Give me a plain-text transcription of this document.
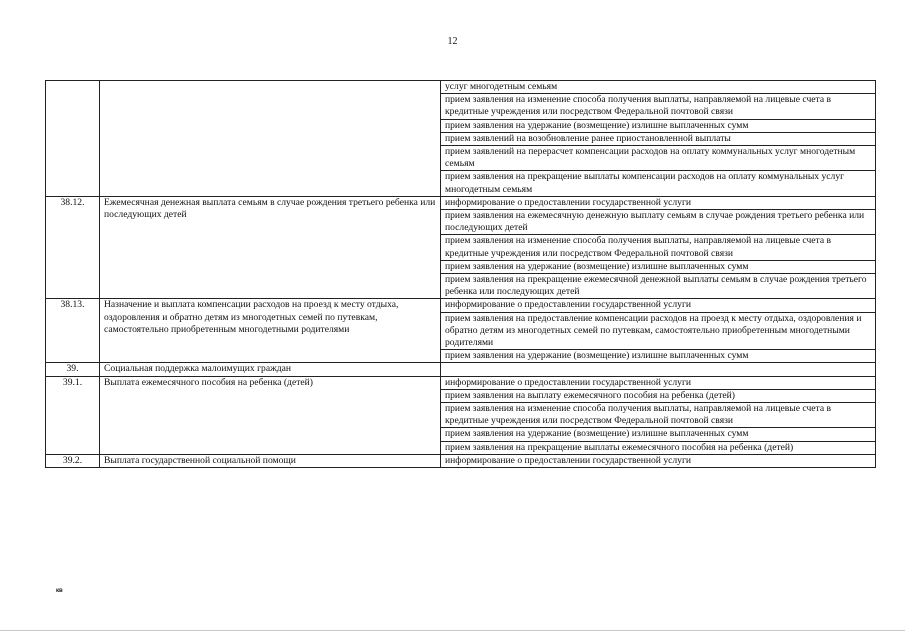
12
		услуг многодетным семьям
		прием заявления на изменение способа получения выплаты, направляемой на лицевые счета в кредитные учреждения или посредством Федеральной почтовой связи
		прием заявления на удержание (возмещение) излишне выплаченных сумм
		прием заявлений на возобновление ранее приостановленной выплаты
		прием заявлений на перерасчет компенсации расходов на оплату коммунальных услуг многодетным семьям
		прием заявления на прекращение выплаты компенсации расходов на оплату коммунальных услуг многодетным семьям
38.12.	Ежемесячная денежная выплата семьям в случае рождения третьего ребенка или последующих детей	информирование о предоставлении государственной услуги
		прием заявления на ежемесячную денежную выплату семьям в случае рождения третьего ребенка или последующих детей
		прием заявления на изменение способа получения выплаты, направляемой на лицевые счета в кредитные учреждения или посредством Федеральной почтовой связи
		прием заявления на удержание (возмещение) излишне выплаченных сумм
		прием заявления на прекращение ежемесячной денежной выплаты семьям в случае рождения третьего ребенка или последующих детей
38.13.	Назначение и выплата компенсации расходов на проезд к месту отдыха, оздоровления и обратно детям из многодетных семей по путевкам, самостоятельно приобретенным многодетными родителями	информирование о предоставлении государственной услуги
		прием заявления на предоставление компенсации расходов на проезд к месту отдыха, оздоровления и обратно детям из многодетных семей по путевкам, самостоятельно приобретенным многодетными родителями
		прием заявления на удержание (возмещение) излишне выплаченных сумм
39.	Социальная поддержка малоимущих граждан	
39.1.	Выплата ежемесячного пособия на ребенка (детей)	информирование о предоставлении государственной услуги
		прием заявления на выплату ежемесячного пособия на ребенка (детей)
		прием заявления на изменение способа получения выплаты, направляемой на лицевые счета в кредитные учреждения или посредством Федеральной почтовой связи
		прием заявления на удержание (возмещение) излишне выплаченных сумм
		прием заявления на прекращение выплаты ежемесячного пособия на ребенка (детей)
39.2.	Выплата государственной социальной помощи	информирование о предоставлении государственной услуги
кв
